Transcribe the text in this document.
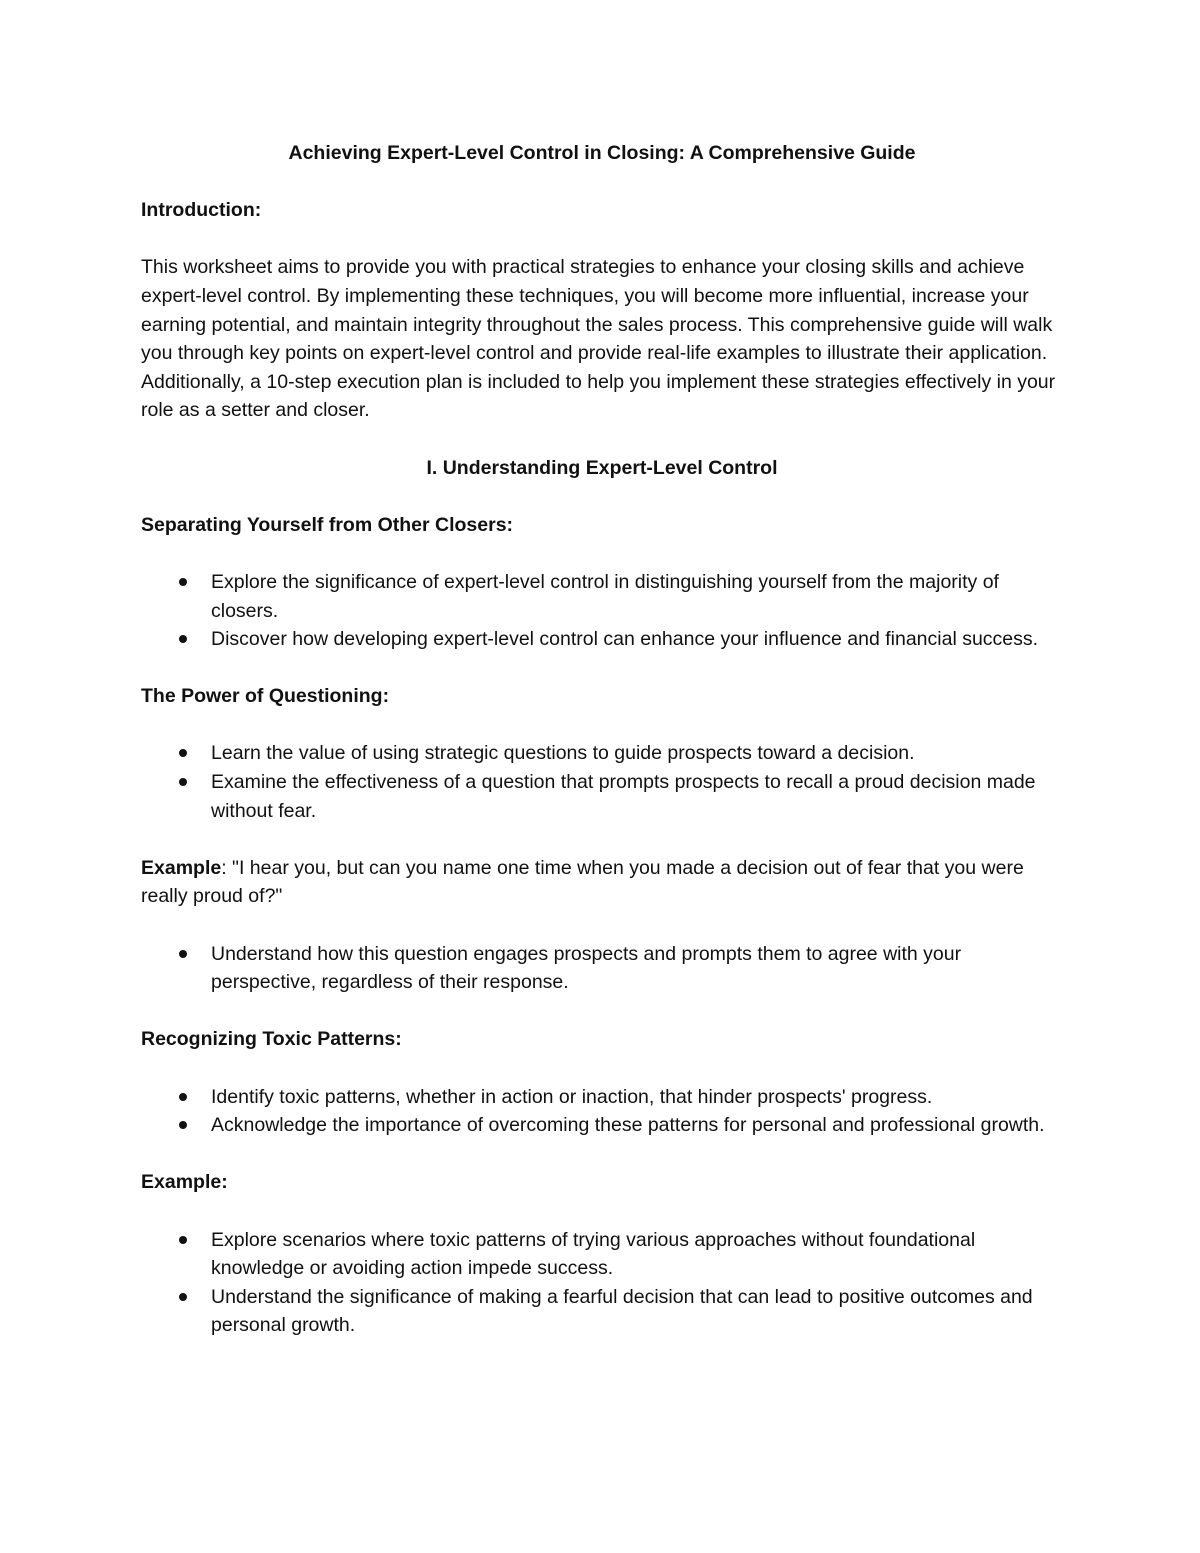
Achieving Expert-Level Control in Closing: A Comprehensive Guide
Introduction:

This worksheet aims to provide you with practical strategies to enhance your closing skills and achieve expert-level control. By implementing these techniques, you will become more influential, increase your earning potential, and maintain integrity throughout the sales process. This comprehensive guide will walk you through key points on expert-level control and provide real-life examples to illustrate their application. Additionally, a 10-step execution plan is included to help you implement these strategies effectively in your role as a setter and closer.

I. Understanding Expert-Level Control
Separating Yourself from Other Closers:
Explore the significance of expert-level control in distinguishing yourself from the majority of closers.
Discover how developing expert-level control can enhance your influence and financial success.
The Power of Questioning:
Learn the value of using strategic questions to guide prospects toward a decision.
Examine the effectiveness of a question that prompts prospects to recall a proud decision made without fear.

Example: "I hear you, but can you name one time when you made a decision out of fear that you were really proud of?"

Understand how this question engages prospects and prompts them to agree with your perspective, regardless of their response.
Recognizing Toxic Patterns:
Identify toxic patterns, whether in action or inaction, that hinder prospects' progress.
Acknowledge the importance of overcoming these patterns for personal and professional growth.
Example:
Explore scenarios where toxic patterns of trying various approaches without foundational knowledge or avoiding action impede success.
Understand the significance of making a fearful decision that can lead to positive outcomes and personal growth.
